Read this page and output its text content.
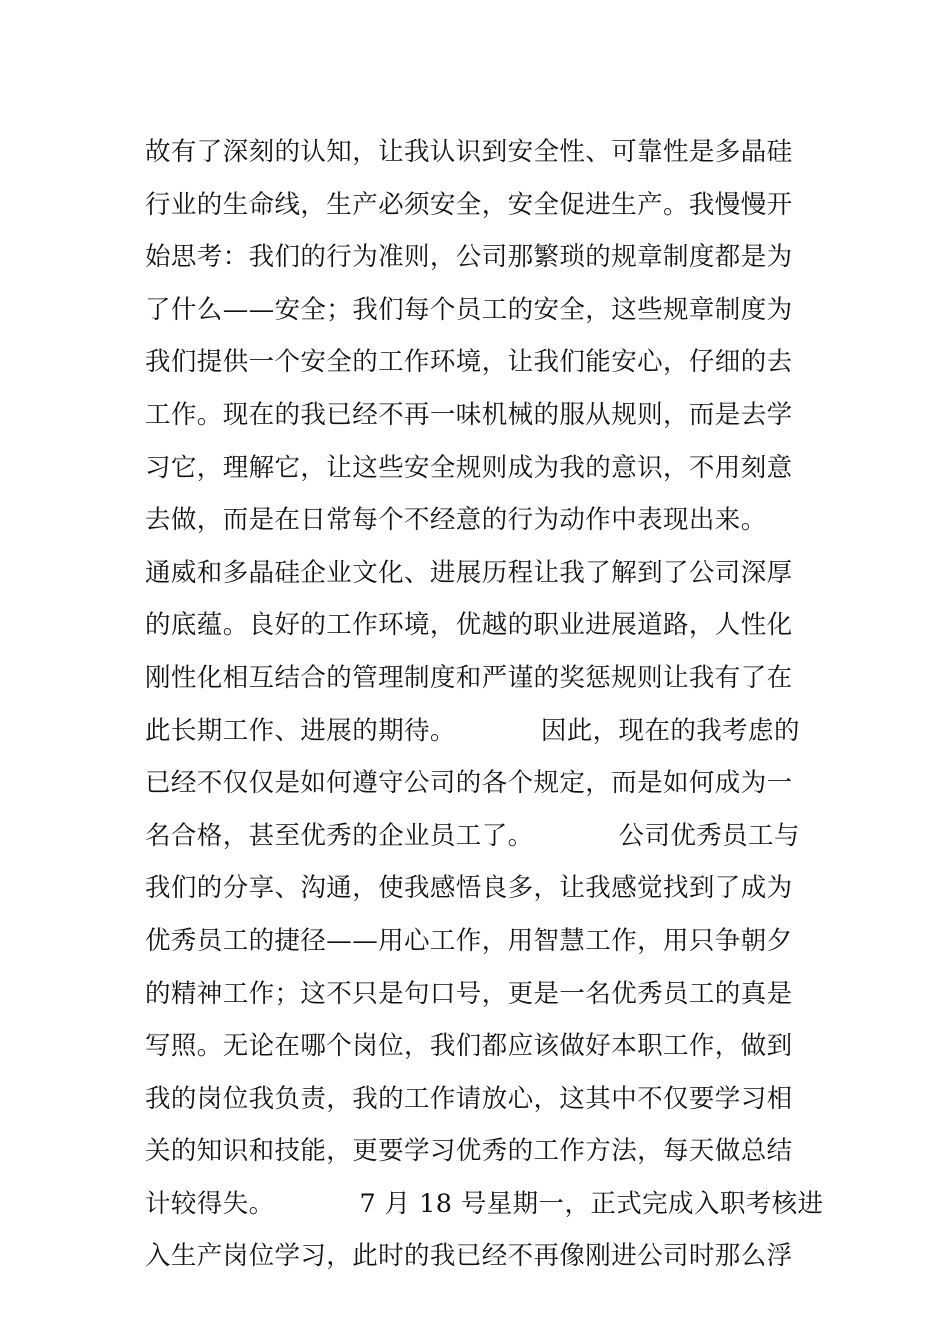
故有了深刻的认知，让我认识到安全性、可靠性是多晶硅
行业的生命线，生产必须安全，安全促进生产。我慢慢开
始思考：我们的行为准则，公司那繁琐的规章制度都是为
了什么——安全；我们每个员工的安全，这些规章制度为
我们提供一个安全的工作环境，让我们能安心，仔细的去
工作。现在的我已经不再一味机械的服从规则，而是去学
习它，理解它，让这些安全规则成为我的意识，不用刻意
去做，而是在日常每个不经意的行为动作中表现出来。
通威和多晶硅企业文化、进展历程让我了解到了公司深厚
的底蕴。良好的工作环境，优越的职业进展道路，人性化
刚性化相互结合的管理制度和严谨的奖惩规则让我有了在
此长期工作、进展的期待。          因此，现在的我考虑的
已经不仅仅是如何遵守公司的各个规定，而是如何成为一
名合格，甚至优秀的企业员工了。          公司优秀员工与
我们的分享、沟通，使我感悟良多，让我感觉找到了成为
优秀员工的捷径——用心工作，用智慧工作，用只争朝夕
的精神工作；这不只是句口号，更是一名优秀员工的真是
写照。无论在哪个岗位，我们都应该做好本职工作，做到
我的岗位我负责，我的工作请放心，这其中不仅要学习相
关的知识和技能，更要学习优秀的工作方法，每天做总结
计较得失。          7 月 18 号星期一，正式完成入职考核进
入生产岗位学习，此时的我已经不再像刚进公司时那么浮
